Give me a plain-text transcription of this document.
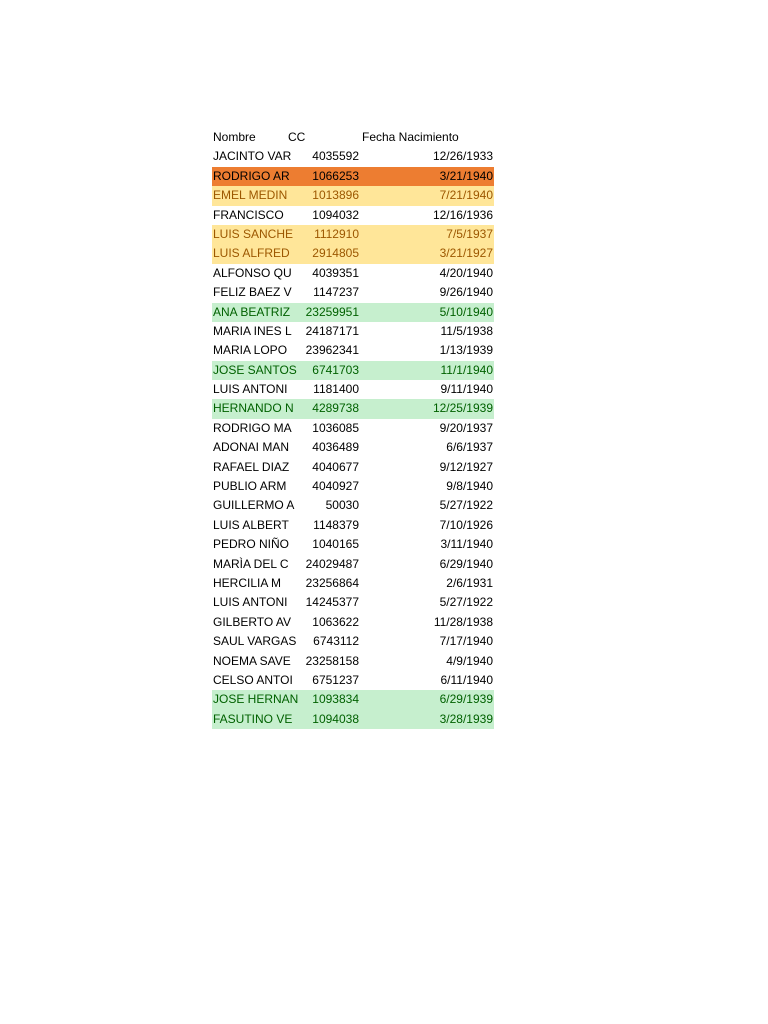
Nombre	CC	Fecha Nacimiento
JACINTO VAR	4035592	12/26/1933
RODRIGO AR	1066253	3/21/1940
EMEL MEDIN	1013896	7/21/1940
FRANCISCO	1094032	12/16/1936
LUIS SANCHE	1112910	7/5/1937
LUIS ALFRED	2914805	3/21/1927
ALFONSO QU	4039351	4/20/1940
FELIZ BAEZ V	1147237	9/26/1940
ANA BEATRIZ	23259951	5/10/1940
MARIA INES L	24187171	11/5/1938
MARIA LOPO	23962341	1/13/1939
JOSE SANTOS	6741703	11/1/1940
LUIS ANTONI	1181400	9/11/1940
HERNANDO N	4289738	12/25/1939
RODRIGO MA	1036085	9/20/1937
ADONAI MAN	4036489	6/6/1937
RAFAEL DIAZ	4040677	9/12/1927
PUBLIO ARM	4040927	9/8/1940
GUILLERMO A	50030	5/27/1922
LUIS ALBERT	1148379	7/10/1926
PEDRO NIÑO	1040165	3/11/1940
MARÌA DEL C	24029487	6/29/1940
HERCILIA M	23256864	2/6/1931
LUIS ANTONI	14245377	5/27/1922
GILBERTO AV	1063622	11/28/1938
SAUL VARGAS	6743112	7/17/1940
NOEMA SAVE	23258158	4/9/1940
CELSO ANTOI	6751237	6/11/1940
JOSE HERNAN	1093834	6/29/1939
FASUTINO VE	1094038	3/28/1939
